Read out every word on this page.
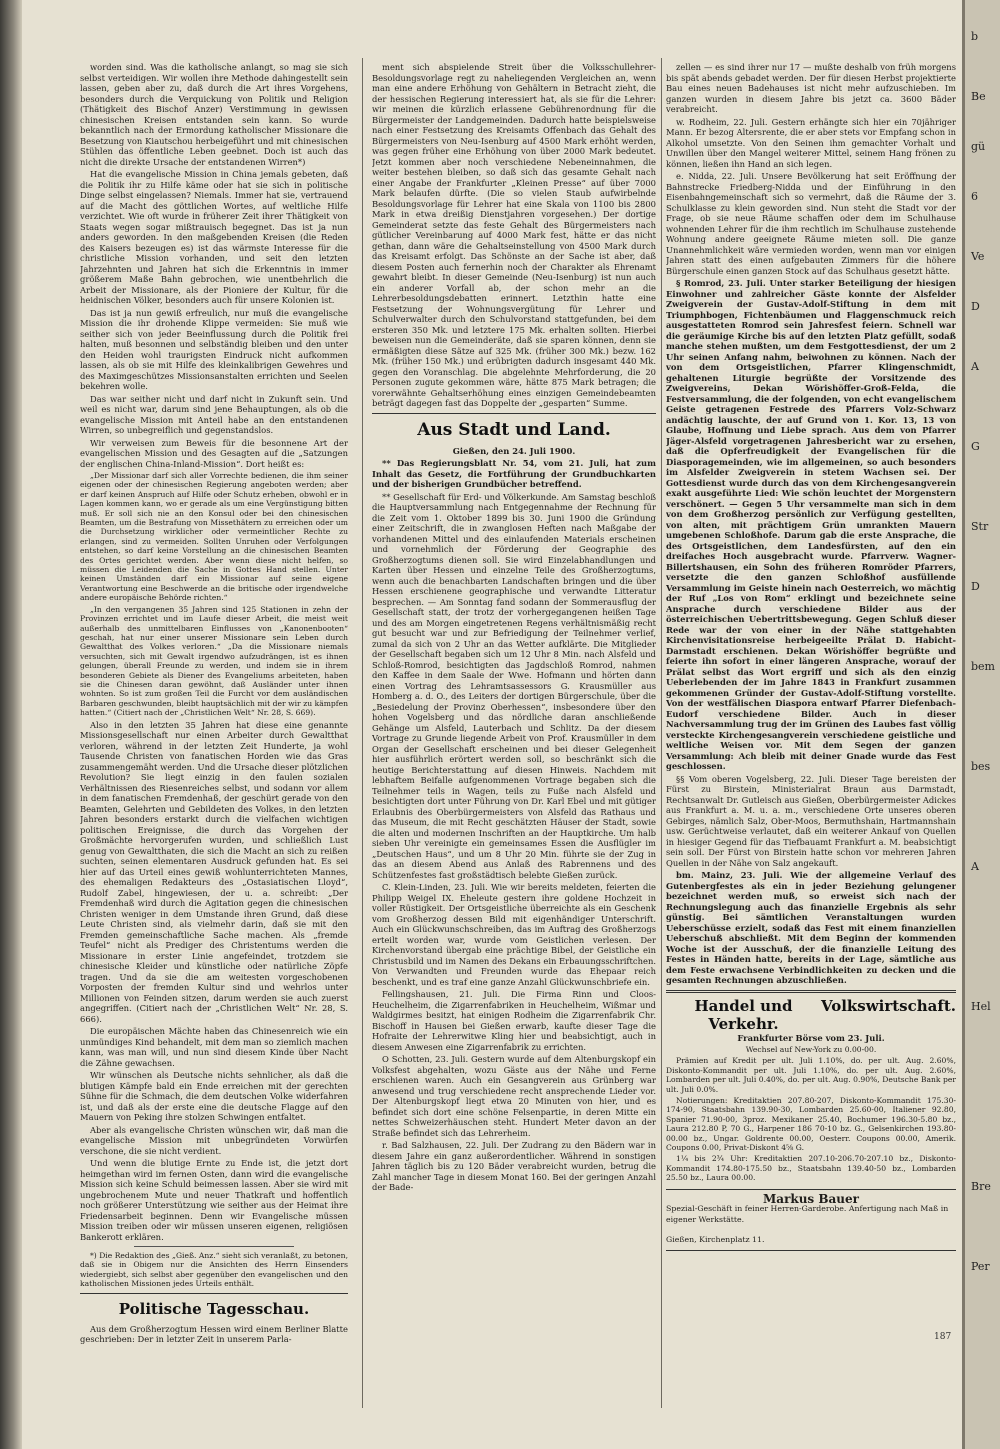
worden sind. Was die katholische anlangt, so mag sie sich selbst verteidigen. Wir wollen ihre Methode dahingestellt sein lassen, geben aber zu, daß durch die Art ihres Vorgehens, besonders durch die Verquickung von Politik und Religion (Thätigkeit des Bischof Anzer) Verstimmung in gewissen chinesischen Kreisen entstanden sein kann. So wurde bekanntlich nach der Ermordung katholischer Missionare die Besetzung von Kiautschou herbeigeführt und mit chinesischen Stühlen das öffentliche Leben geebnet. Doch ist auch das nicht die direkte Ursache der entstandenen Wirren*)

Hat die evangelische Mission in China jemals gebeten, daß die Politik ihr zu Hilfe käme oder hat sie sich in politische Dinge selbst eingelassen? Niemals. Immer hat sie, vertrauend auf die Macht des göttlichen Wortes, auf weltliche Hilfe verzichtet. Wie oft wurde in früherer Zeit ihrer Thätigkeit von Staats wegen sogar mißtrauisch begegnet. Das ist ja nun anders geworden. In den maßgebenden Kreisen (die Reden des Kaisers bezeugen es) ist das wärmste Interesse für die christliche Mission vorhanden, und seit den letzten Jahrzehnten und Jahren hat sich die Erkenntnis in immer größerem Maße Bahn gebrochen, wie unentbehrlich die Arbeit der Missionare, als der Pioniere der Kultur, für die heidnischen Völker, besonders auch für unsere Kolonien ist.

Das ist ja nun gewiß erfreulich, nur muß die evangelische Mission die ihr drohende Klippe vermeiden: Sie muß wie seither sich von jeder Beeinflussung durch die Politik frei halten, muß besonnen und selbständig bleiben und den unter den Heiden wohl traurigsten Eindruck nicht aufkommen lassen, als ob sie mit Hilfe des kleinkalibrigen Gewehres und des Maximgeschützes Missionsanstalten errichten und Seelen bekehren wolle.

Das war seither nicht und darf nicht in Zukunft sein. Und weil es nicht war, darum sind jene Behauptungen, als ob die evangelische Mission mit Anteil habe an den entstandenen Wirren, so unbegreiflich und gegenstandslos.

Wir verweisen zum Beweis für die besonnene Art der evangelischen Mission und des Gesagten auf die „Satzungen der englischen China-Inland-Mission“. Dort heißt es:

„Der Missionar darf sich aller Vorrechte bedienen, die ihm seiner eigenen oder der chinesischen Regierung angeboten werden; aber er darf keinen Anspruch auf Hilfe oder Schutz erheben, obwohl er in Lagen kommen kann, wo er gerade als um eine Vergünstigung bitten muß. Er soll sich nie an den Konsul oder bei den chinesischen Beamten, um die Bestrafung von Missethätern zu erreichen oder um die Durchsetzung wirklicher oder vermeintlicher Rechte zu erlangen, sind zu vermeiden. Sollten Unruhen oder Verfolgungen entstehen, so darf keine Vorstellung an die chinesischen Beamten des Ortes gerichtet werden. Aber wenn diese nicht helfen, so müssen die Leidenden die Sache in Gottes Hand stellen. Unter keinen Umständen darf ein Missionar auf seine eigene Verantwortung eine Beschwerde an die britische oder irgendwelche andere europäische Behörde richten.“

„In den vergangenen 35 Jahren sind 125 Stationen in zehn der Provinzen errichtet und im Laufe dieser Arbeit, die meist weit außerhalb des unmittelbaren Einflusses von „Kanonenbooten“ geschah, hat nur einer unserer Missionare sein Leben durch Gewaltthat des Volkes verloren.“ „Da die Missionare niemals versuchten, sich mit Gewalt irgendwo aufzudrängen, ist es ihnen gelungen, überall Freunde zu werden, und indem sie in ihrem besonderen Gebiete als Diener des Evangeliums arbeiteten, haben sie die Chinesen daran gewöhnt, daß Ausländer unter ihnen wohnten. So ist zum großen Teil die Furcht vor dem ausländischen Barbaren geschwunden, bleibt hauptsächlich mit der wir zu kämpfen hatten.“ (Citiert nach der „Christlichen Welt“ Nr. 28, S. 669).

Also in den letzten 35 Jahren hat diese eine genannte Missionsgesellschaft nur einen Arbeiter durch Gewaltthat verloren, während in der letzten Zeit Hunderte, ja wohl Tausende Christen von fanatischen Horden wie das Gras zusammengemäht werden. Und die Ursache dieser plötzlichen Revolution? Sie liegt einzig in den faulen sozialen Verhältnissen des Riesenreiches selbst, und sodann vor allem in dem fanatischen Fremdenhaß, der geschürt gerade von den Beamten, Gelehrten und Gebildeten des Volkes, in den letzten Jahren besonders erstarkt durch die vielfachen wichtigen politischen Ereignisse, die durch das Vorgehen der Großmächte hervorgerufen wurden, und schließlich Lust genug von Gewaltthaten, die sich die Macht an sich zu reißen suchten, seinen elementaren Ausdruck gefunden hat. Es sei hier auf das Urteil eines gewiß wohlunterrichteten Mannes, des ehemaligen Redakteurs des „Ostasiatischen Lloyd“, Rudolf Zabel, hingewiesen, der u. a. schreibt: „Der Fremdenhaß wird durch die Agitation gegen die chinesischen Christen weniger in dem Umstande ihren Grund, daß diese Leute Christen sind, als vielmehr darin, daß sie mit den Fremden gemeinschaftliche Sache machen. Als „fremde Teufel“ nicht als Prediger des Christentums werden die Missionare in erster Linie angefeindet, trotzdem sie chinesische Kleider und künstliche oder natürliche Zöpfe tragen. Und da sie die am weitesten vorgeschobenen Vorposten der fremden Kultur sind und wehrlos unter Millionen von Feinden sitzen, darum werden sie auch zuerst angegriffen. (Citiert nach der „Christlichen Welt“ Nr. 28, S. 666).

Die europäischen Mächte haben das Chinesenreich wie ein unmündiges Kind behandelt, mit dem man so ziemlich machen kann, was man will, und nun sind diesem Kinde über Nacht die Zähne gewachsen.

Wir wünschen als Deutsche nichts sehnlicher, als daß die blutigen Kämpfe bald ein Ende erreichen mit der gerechten Sühne für die Schmach, die dem deutschen Volke widerfahren ist, und daß als der erste eine die deutsche Flagge auf den Mauern von Peking ihre stolzen Schwingen entfaltet.

Aber als evangelische Christen wünschen wir, daß man die evangelische Mission mit unbegründeten Vorwürfen verschone, die sie nicht verdient.

Und wenn die blutige Ernte zu Ende ist, die jetzt dort heimgethan wird im fernen Osten, dann wird die evangelische Mission sich keine Schuld beimessen lassen. Aber sie wird mit ungebrochenem Mute und neuer Thatkraft und hoffentlich noch größerer Unterstützung wie seither aus der Heimat ihre Friedensarbeit beginnen. Denn wir Evangelische müssen Mission treiben oder wir müssen unseren eigenen, religiösen Bankerott erklären.

*) Die Redaktion des „Gieß. Anz.“ sieht sich veranlaßt, zu betonen, daß sie in Obigem nur die Ansichten des Herrn Einsenders wiedergiebt, sich selbst aber gegenüber den evangelischen und den katholischen Missionen jedes Urteils enthält.

Politische Tagesschau.

Aus dem Großherzogtum Hessen wird einem Berliner Blatte geschrieben: Der in letzter Zeit in unserem Parla-

ment sich abspielende Streit über die Volksschullehrer-Besoldungsvorlage regt zu naheliegenden Vergleichen an, wenn man eine andere Erhöhung von Gehältern in Betracht zieht, die der hessischen Regierung interessiert hat, als sie für die Lehrer: wir meinen die kürzlich erlassene Gebührenordnung für die Bürgermeister der Landgemeinden. Dadurch hatte beispielsweise nach einer Festsetzung des Kreisamts Offenbach das Gehalt des Bürgermeisters von Neu-Isenburg auf 4500 Mark erhöht werden, was gegen früher eine Erhöhung von über 2000 Mark bedeutet. Jetzt kommen aber noch verschiedene Nebeneinnahmen, die weiter bestehen bleiben, so daß sich das gesamte Gehalt nach einer Angabe der Frankfurter „Kleinen Presse“ auf über 7000 Mark belaufen dürfte. (Die so vielen Staub aufwirbelnde Besoldungsvorlage für Lehrer hat eine Skala von 1100 bis 2800 Mark in etwa dreißig Dienstjahren vorgesehen.) Der dortige Gemeinderat setzte das feste Gehalt des Bürgermeisters nach gütlicher Vereinbarung auf 4000 Mark fest, hätte er das nicht gethan, dann wäre die Gehaltseinstellung von 4500 Mark durch das Kreisamt erfolgt. Das Schönste an der Sache ist aber, daß diesem Posten auch fernerhin noch der Charakter als Ehrenamt gewahrt bleibt. In dieser Gemeinde (Neu-Isenburg) ist nun auch ein anderer Vorfall ab, der schon mehr an die Lehrerbesoldungsdebatten erinnert. Letzthin hatte eine Festsetzung der Wohnungsvergütung für Lehrer und Schulverwalter durch den Schulvorstand stattgefunden, bei dem ersteren 350 Mk. und letztere 175 Mk. erhalten sollten. Hierbei beweisen nun die Gemeinderäte, daß sie sparen können, denn sie ermäßigten diese Sätze auf 325 Mk. (früher 300 Mk.) bezw. 162 Mk. (früher 150 Mk.) und erübrigten dadurch insgesamt 440 Mk. gegen den Voranschlag. Die abgelehnte Mehrforderung, die 20 Personen zugute gekommen wäre, hätte 875 Mark betragen; die vorerwähnte Gehaltserhöhung eines einzigen Gemeindebeamten beträgt dagegen fast das Doppelte der „gesparten“ Summe.

Aus Stadt und Land.

Gießen, den 24. Juli 1900.

** Das Regierungsblatt Nr. 54, vom 21. Juli, hat zum Inhalt das Gesetz, die Fortführung der Grundbuchkarten und der bisherigen Grundbücher betreffend.

** Gesellschaft für Erd- und Völkerkunde. Am Samstag beschloß die Hauptversammlung nach Entgegennahme der Rechnung für die Zeit vom 1. Oktober 1899 bis 30. Juni 1900 die Gründung einer Zeitschrift, die in zwanglosen Heften nach Maßgabe der vorhandenen Mittel und des einlaufenden Materials erscheinen und vornehmlich der Förderung der Geographie des Großherzogtums dienen soll. Sie wird Einzelabhandlungen und Karten über Hessen und einzelne Teile des Großherzogtums, wenn auch die benachbarten Landschaften bringen und die über Hessen erschienene geographische und verwandte Litteratur besprechen. — Am Sonntag fand sodann der Sommerausflug der Gesellschaft statt, der trotz der vorhergegangenen heißen Tage und des am Morgen eingetretenen Regens verhältnismäßig recht gut besucht war und zur Befriedigung der Teilnehmer verlief, zumal da sich von 2 Uhr an das Wetter aufklärte. Die Mitglieder der Gesellschaft begaben sich um 12 Uhr 8 Min. nach Alsfeld und Schloß-Romrod, besichtigten das Jagdschloß Romrod, nahmen den Kaffee in dem Saale der Wwe. Hofmann und hörten dann einen Vortrag des Lehramtsassessors G. Krausmüller aus Homberg a. d. O., des Leiters der dortigen Bürgerschule, über die „Besiedelung der Provinz Oberhessen“, insbesondere über den hohen Vogelsberg und das nördliche daran anschließende Gehänge um Alsfeld, Lauterbach und Schlitz. Da der diesem Vortrage zu Grunde liegende Arbeit von Prof. Krausmüller in dem Organ der Gesellschaft erscheinen und bei dieser Gelegenheit hier ausführlich erörtert werden soll, so beschränkt sich die heutige Berichterstattung auf diesen Hinweis. Nachdem mit lebhaftem Beifalle aufgenommenen Vortrage begaben sich die Teilnehmer teils in Wagen, teils zu Fuße nach Alsfeld und besichtigten dort unter Führung von Dr. Karl Ebel und mit gütiger Erlaubnis des Oberbürgermeisters von Alsfeld das Rathaus und das Museum, die mit Recht geschätzten Häuser der Stadt, sowie die alten und modernen Inschriften an der Hauptkirche. Um halb sieben Uhr vereinigte ein gemeinsames Essen die Ausflügler im „Deutschen Haus“, und um 8 Uhr 20 Min. führte sie der Zug in das an diesem Abend aus Anlaß des Rabrennens und des Schützenfestes fast großstädtisch belebte Gießen zurück.

C. Klein-Linden, 23. Juli. Wie wir bereits meldeten, feierten die Philipp Weigel IX. Eheleute gestern ihre goldene Hochzeit in voller Rüstigkeit. Der Ortsgeistliche überreichte als ein Geschenk vom Großherzog dessen Bild mit eigenhändiger Unterschrift. Auch ein Glückwunschschreiben, das im Auftrag des Großherzogs erteilt worden war, wurde vom Geistlichen verlesen. Der Kirchenvorstand übergab eine prächtige Bibel, der Geistliche ein Christusbild und im Namen des Dekans ein Erbauungsschriftchen. Von Verwandten und Freunden wurde das Ehepaar reich beschenkt, und es traf eine ganze Anzahl Glückwunschbriefe ein.

Fellingshausen, 21. Juli. Die Firma Rinn und Cloos-Heuchelheim, die Zigarrenfabriken in Heuchelheim, Wißmar und Waldgirmes besitzt, hat einigen Rodheim die Zigarrenfabrik Chr. Bischoff in Hausen bei Gießen erwarb, kaufte dieser Tage die Hofraite der Lehrerwitwe Kling hier und beabsichtigt, auch in diesem Anwesen eine Zigarrenfabrik zu errichten.

O Schotten, 23. Juli. Gestern wurde auf dem Altenburgskopf ein Volksfest abgehalten, wozu Gäste aus der Nähe und Ferne erschienen waren. Auch ein Gesangverein aus Grünberg war anwesend und trug verschiedene recht ansprechende Lieder vor. Der Altenburgskopf liegt etwa 20 Minuten von hier, und es befindet sich dort eine schöne Felsenpartie, in deren Mitte ein nettes Schweizerhäuschen steht. Hundert Meter davon an der Straße befindet sich das Lehrerheim.

r. Bad Salzhausen, 22. Juli. Der Zudrang zu den Bädern war in diesem Jahre ein ganz außerordentlicher. Während in sonstigen Jahren täglich bis zu 120 Bäder verabreicht wurden, betrug die Zahl mancher Tage in diesem Monat 160. Bei der geringen Anzahl der Bade-

zellen — es sind ihrer nur 17 — mußte deshalb von früh morgens bis spät abends gebadet werden. Der für diesen Herbst projektierte Bau eines neuen Badehauses ist nicht mehr aufzuschieben. Im ganzen wurden in diesem Jahre bis jetzt ca. 3600 Bäder verabreicht.

w. Rodheim, 22. Juli. Gestern erhängte sich hier ein 70jähriger Mann. Er bezog Altersrente, die er aber stets vor Empfang schon in Alkohol umsetzte. Von den Seinen ihm gemachter Vorhalt und Unwillen über den Mangel weiterer Mittel, seinem Hang frönen zu können, ließen ihn Hand an sich legen.

e. Nidda, 22. Juli. Unsere Bevölkerung hat seit Eröffnung der Bahnstrecke Friedberg-Nidda und der Einführung in den Eisenbahngemeinschaft sich so vermehrt, daß die Räume der 3. Schulklasse zu klein geworden sind. Nun steht die Stadt vor der Frage, ob sie neue Räume schaffen oder dem im Schulhause wohnenden Lehrer für die ihm rechtlich im Schulhause zustehende Wohnung andere geeignete Räume mieten soll. Die ganze Unannehmlichkeit wäre vermieden worden, wenn man vor einigen Jahren statt des einen aufgebauten Zimmers für die höhere Bürgerschule einen ganzen Stock auf das Schulhaus gesetzt hätte.

§ Romrod, 23. Juli. Unter starker Beteiligung der hiesigen Einwohner und zahlreicher Gäste konnte der Alsfelder Zweigverein der Gustav-Adolf-Stiftung in dem mit Triumphbogen, Fichtenbäumen und Flaggenschmuck reich ausgestatteten Romrod sein Jahresfest feiern. Schnell war die geräumige Kirche bis auf den letzten Platz gefüllt, sodaß manche stehen mußten, um dem Festgottesdienst, der um 2 Uhr seinen Anfang nahm, beiwohnen zu können. Nach der von dem Ortsgeistlichen, Pfarrer Klingenschmidt, gehaltenen Liturgie begrüßte der Vorsitzende des Zweigvereins, Dekan Wörishöffer-Groß-Felda, die Festversammlung, die der folgenden, von echt evangelischem Geiste getragenen Festrede des Pfarrers Volz-Schwarz andächtig lauschte, der auf Grund von 1. Kor. 13, 13 von Glaube, Hoffnung und Liebe sprach. Aus dem von Pfarrer Jäger-Alsfeld vorgetragenen Jahresbericht war zu ersehen, daß die Opferfreudigkeit der Evangelischen für die Diasporagemeinden, wie im allgemeinen, so auch besonders im Alsfelder Zweigverein in stetem Wachsen sei. Der Gottesdienst wurde durch das von dem Kirchengesangverein exakt ausgeführte Lied: Wie schön leuchtet der Morgenstern verschönert. — Gegen 5 Uhr versammelte man sich in dem von dem Großherzog persönlich zur Verfügung gestellten, von alten, mit prächtigem Grün umrankten Mauern umgebenen Schloßhofe. Darum gab die erste Ansprache, die des Ortsgeistlichen, dem Landesfürsten, auf den ein dreifaches Hoch ausgebracht wurde. Pfarrverw. Wagner-Billertshausen, ein Sohn des früheren Romröder Pfarrers, versetzte die den ganzen Schloßhof ausfüllende Versammlung im Geiste hinein nach Oesterreich, wo mächtig der Ruf „Los von Rom“ erklingt und bezeichnete seine Ansprache durch verschiedene Bilder aus der österreichischen Uebertrittsbewegung. Gegen Schluß dieser Rede war der von einer in der Nähe stattgehabten Kirchenvisitationsreise herbeigeeilte Prälat D. Habicht-Darmstadt erschienen. Dekan Wörishöffer begrüßte und feierte ihn sofort in einer längeren Ansprache, worauf der Prälat selbst das Wort ergriff und sich als den einzig Ueberlebenden der im Jahre 1843 in Frankfurt zusammen gekommenen Gründer der Gustav-Adolf-Stiftung vorstellte. Von der westfälischen Diaspora entwarf Pfarrer Diefenbach-Eudorf verschiedene Bilder. Auch in dieser Nachversammlung trug der im Grünen des Laubes fast völlig versteckte Kirchengesangverein verschiedene geistliche und weltliche Weisen vor. Mit dem Segen der ganzen Versammlung: Ach bleib mit deiner Gnade wurde das Fest geschlossen.

§§ Vom oberen Vogelsberg, 22. Juli. Dieser Tage bereisten der Fürst zu Birstein, Ministerialrat Braun aus Darmstadt, Rechtsanwalt Dr. Gutleisch aus Gießen, Oberbürgermeister Adickes aus Frankfurt a. M. u. a. m., verschiedene Orte unseres oberen Gebirges, nämlich Salz, Ober-Moos, Bermuthshain, Hartmannshain usw. Gerüchtweise verlautet, daß ein weiterer Ankauf von Quellen in hiesiger Gegend für das Tiefbauamt Frankfurt a. M. beabsichtigt sein soll. Der Fürst von Birstein hatte schon vor mehreren Jahren Quellen in der Nähe von Salz angekauft.

bm. Mainz, 23. Juli. Wie der allgemeine Verlauf des Gutenbergfestes als ein in jeder Beziehung gelungener bezeichnet werden muß, so erweist sich nach der Rechnungslegung auch das finanzielle Ergebnis als sehr günstig. Bei sämtlichen Veranstaltungen wurden Ueberschüsse erzielt, sodaß das Fest mit einem finanziellen Ueberschuß abschließt. Mit dem Beginn der kommenden Woche ist der Ausschuß, der die finanzielle Leitung des Festes in Händen hatte, bereits in der Lage, sämtliche aus dem Feste erwachsene Verbindlichkeiten zu decken und die gesamten Rechnungen abzuschließen.

Handel und Verkehr.
Volkswirtschaft.

Frankfurter Börse vom 23. Juli.

Wechsel auf New-York zu 0.00-00.

Prämien auf Kredit per ult. Juli 1.10%, do. per ult. Aug. 2.60%, Diskonto-Kommandit per ult. Juli 1.10%, do. per ult. Aug. 2.60%, Lombarden per ult. Juli 0.40%, do. per ult. Aug. 0.90%, Deutsche Bank per ult. Juli 0.0%.

Notierungen: Kreditaktien 207.80-207, Diskonto-Kommandit 175.30-174-90, Staatsbahn 139.90-30, Lombarden 25.60-00, Italiener 92.80, Spanier 71.90-00, 3proz. Mexikaner 25.40, Bochumer 196.30-5.80 bz., Laura 212.80 P, 70 G., Harpener 186 70-10 bz. G., Gelsenkirchen 193.80-00.00 bz., Ungar. Goldrente 00.00, Oesterr. Coupons 00.00, Amerik. Coupons 0.00, Privat-Diskont 4⅝ G.

1¼ bis 2¾ Uhr: Kreditaktien 207.10-206.70-207.10 bz., Diskonto-Kommandit 174.80-175.50 bz., Staatsbahn 139.40-50 bz., Lombarden 25.50 bz., Laura 00.00.

Markus Bauer
Spezial-Geschäft in feiner Herren-Garderobe. Anfertigung nach Maß in eigener Werkstätte.
Gießen, Kirchenplatz 11.
187
b
Be
gü
6
Ve
D
A
G
Str
D
bem
bes
A
Hel
Bre
Per
